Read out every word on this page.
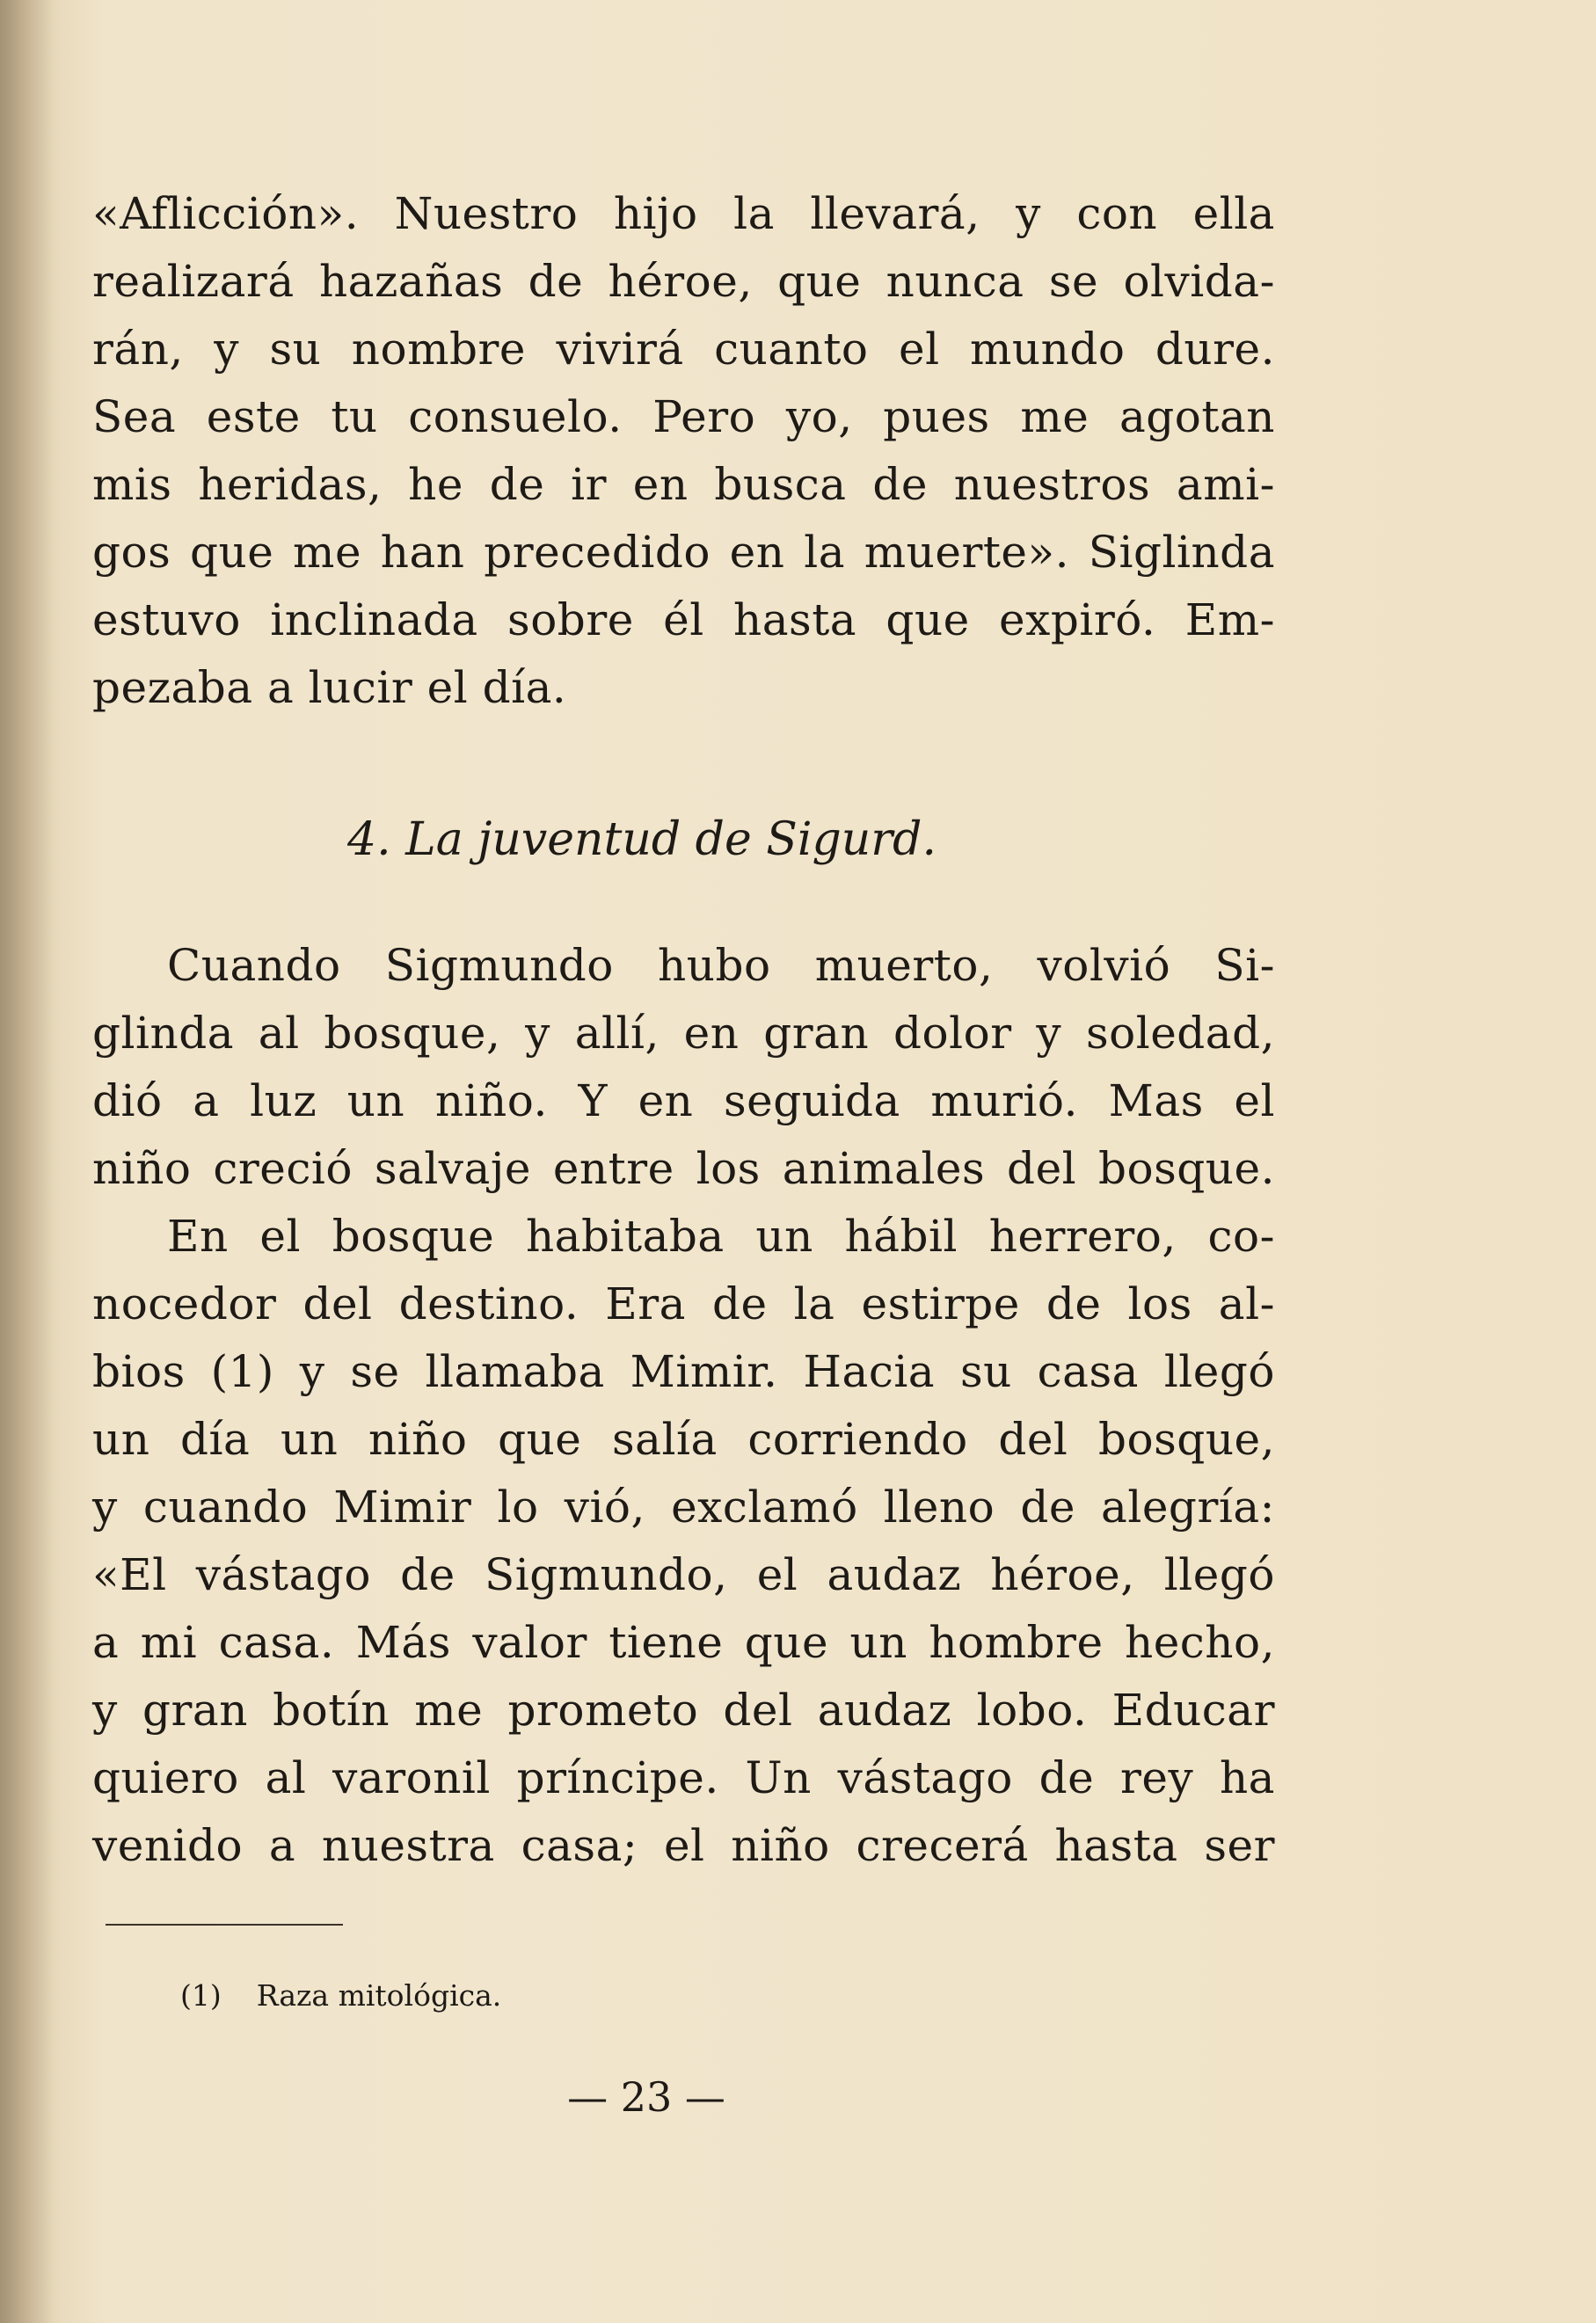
«Aflicción». Nuestro hijo la llevará, y con ella
realizará hazañas de héroe, que nunca se olvida-
rán, y su nombre vivirá cuanto el mundo dure.
Sea este tu consuelo. Pero yo, pues me agotan
mis heridas, he de ir en busca de nuestros ami-
gos que me han precedido en la muerte». Siglinda
estuvo inclinada sobre él hasta que expiró. Em-
pezaba a lucir el día.
4. La juventud de Sigurd.
Cuando Sigmundo hubo muerto, volvió Si-
glinda al bosque, y allí, en gran dolor y soledad,
dió a luz un niño. Y en seguida murió. Mas el
niño creció salvaje entre los animales del bosque.
En el bosque habitaba un hábil herrero, co-
nocedor del destino. Era de la estirpe de los al-
bios (1) y se llamaba Mimir. Hacia su casa llegó
un día un niño que salía corriendo del bosque,
y cuando Mimir lo vió, exclamó lleno de alegría:
«El vástago de Sigmundo, el audaz héroe, llegó
a mi casa. Más valor tiene que un hombre hecho,
y gran botín me prometo del audaz lobo. Educar
quiero al varonil príncipe. Un vástago de rey ha
venido a nuestra casa; el niño crecerá hasta ser
(1) Raza mitológica.
— 23 —
